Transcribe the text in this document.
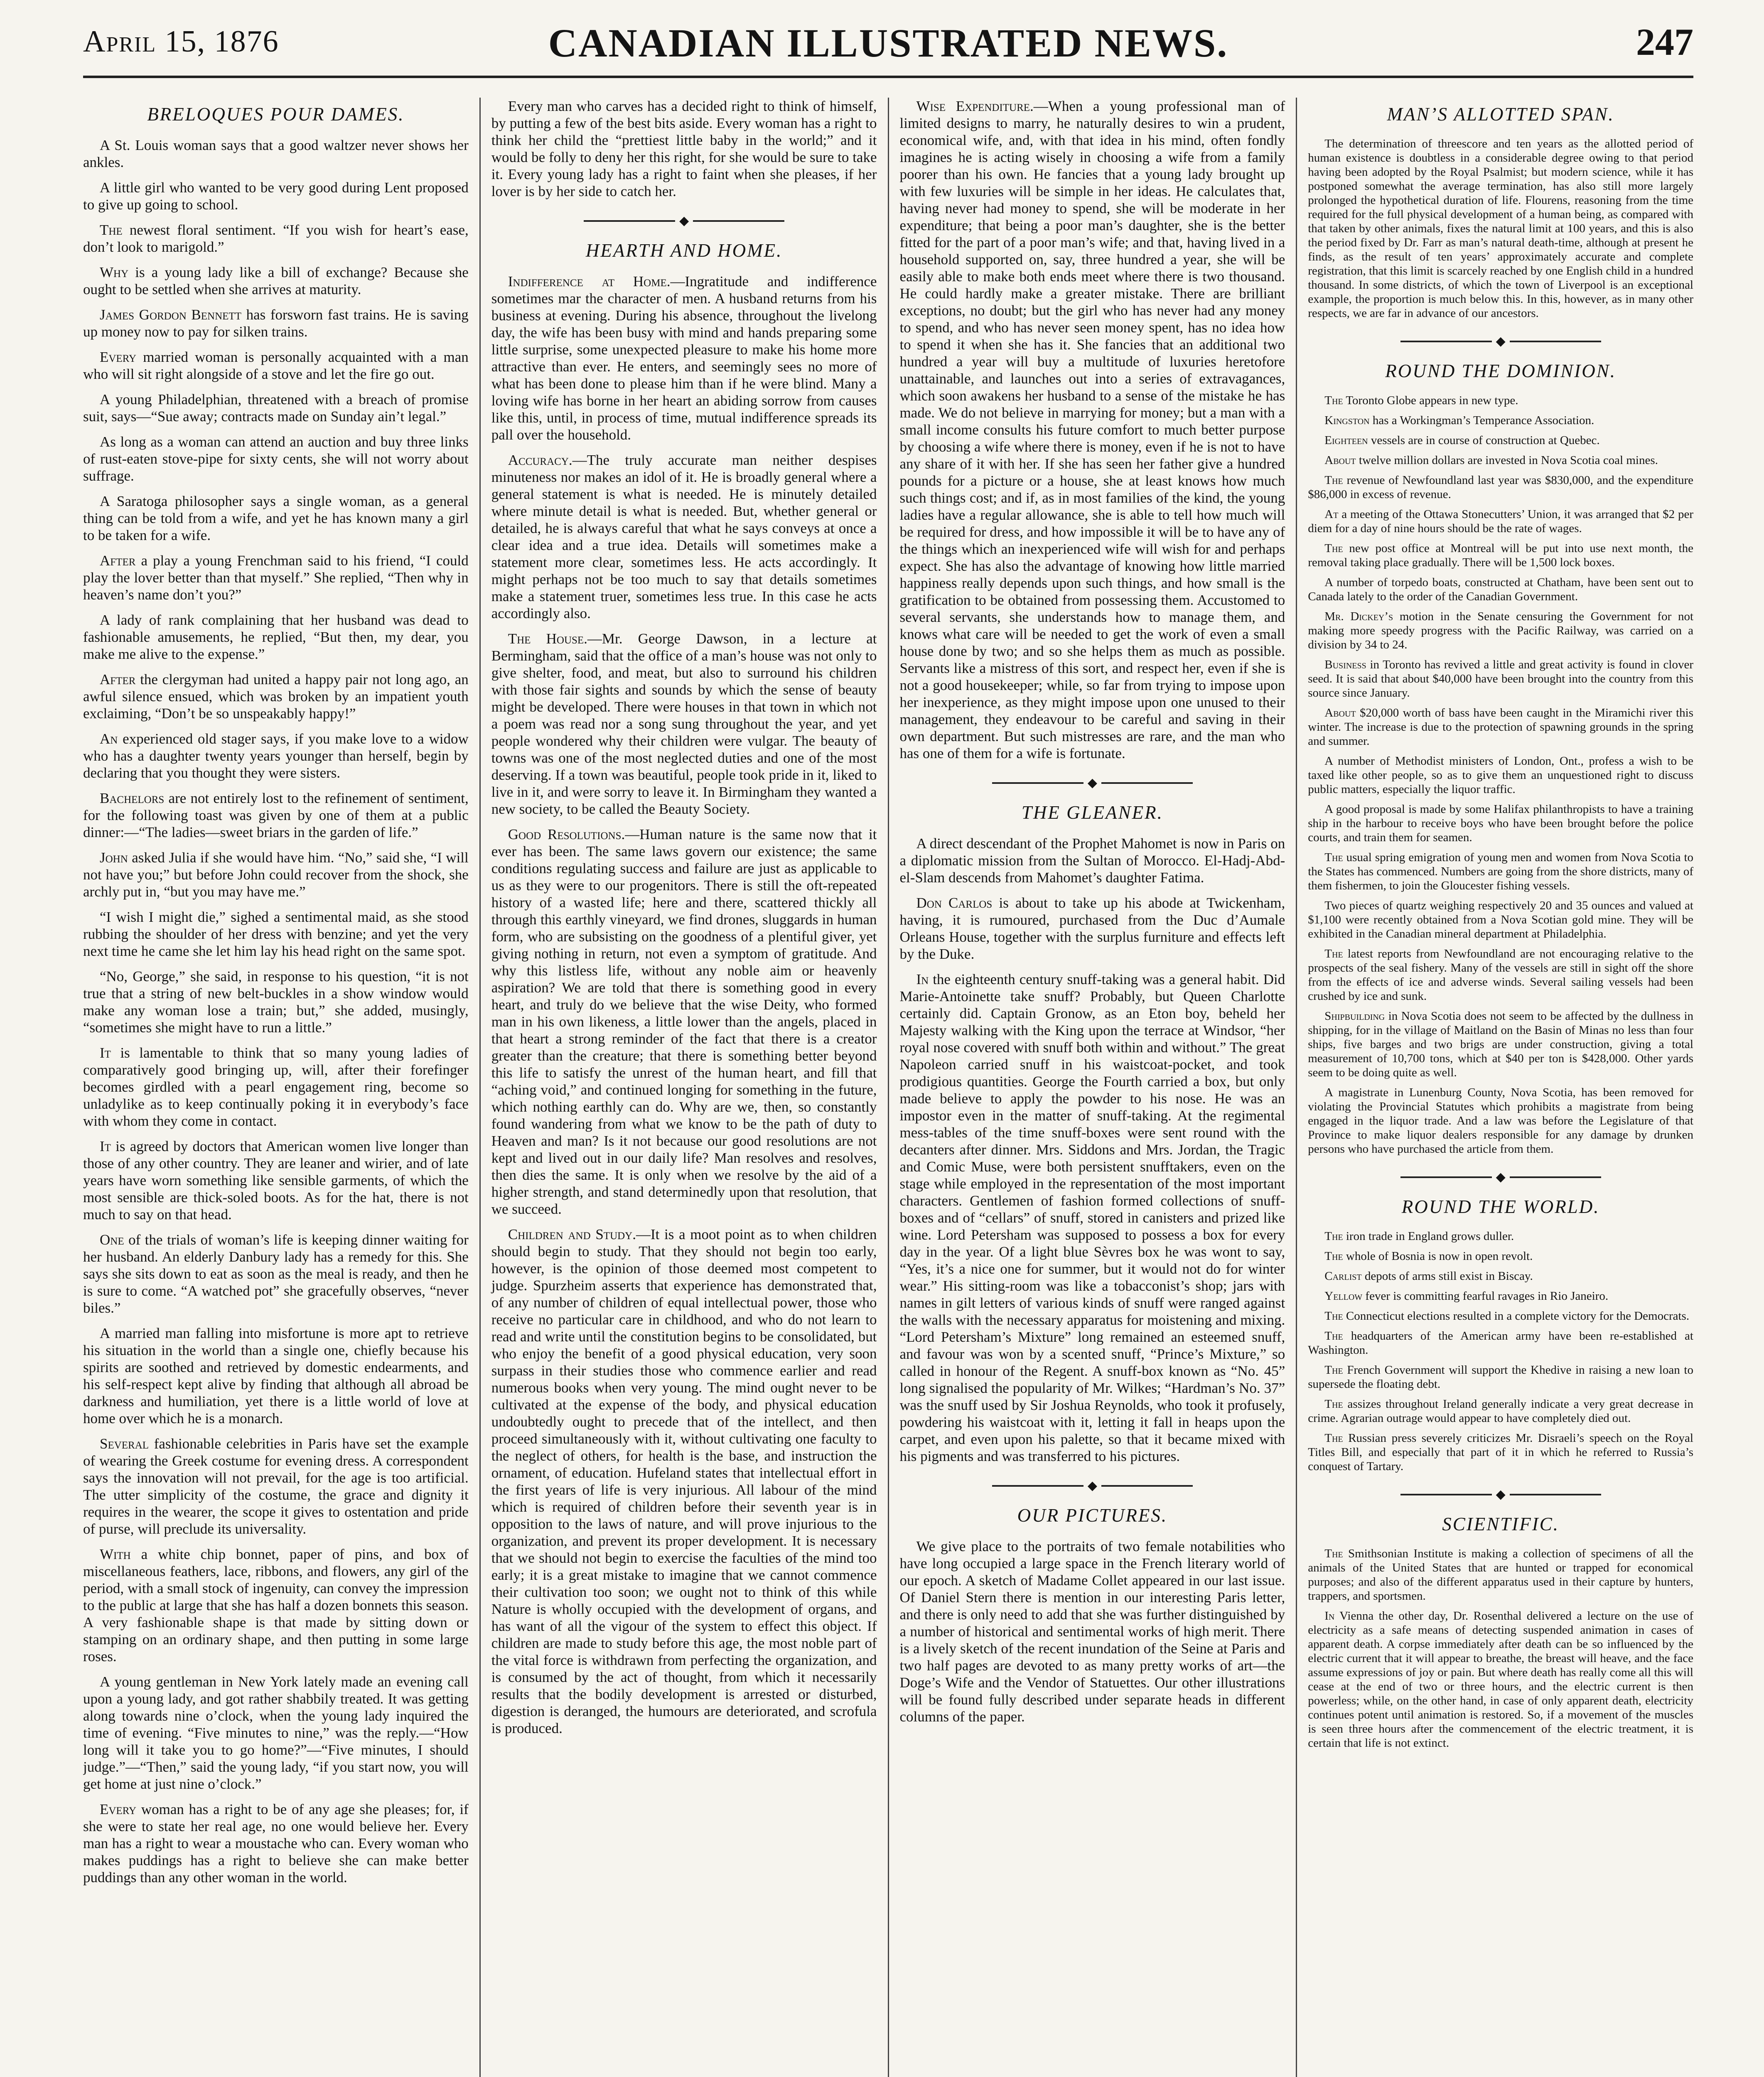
April 15, 1876	CANADIAN ILLUSTRATED NEWS.	247
BRELOQUES POUR DAMES.

A St. Louis woman says that a good waltzer never shows her ankles.

A little girl who wanted to be very good during Lent proposed to give up going to school.

The newest floral sentiment. “If you wish for heart’s ease, don’t look to marigold.”

Why is a young lady like a bill of exchange? Because she ought to be settled when she arrives at maturity.

James Gordon Bennett has forsworn fast trains. He is saving up money now to pay for silken trains.

Every married woman is personally acquainted with a man who will sit right alongside of a stove and let the fire go out.

A young Philadelphian, threatened with a breach of promise suit, says—“Sue away; contracts made on Sunday ain’t legal.”

As long as a woman can attend an auction and buy three links of rust-eaten stove-pipe for sixty cents, she will not worry about suffrage.

A Saratoga philosopher says a single woman, as a general thing can be told from a wife, and yet he has known many a girl to be taken for a wife.

After a play a young Frenchman said to his friend, “I could play the lover better than that myself.” She replied, “Then why in heaven’s name don’t you?”

A lady of rank complaining that her husband was dead to fashionable amusements, he replied, “But then, my dear, you make me alive to the expense.”

After the clergyman had united a happy pair not long ago, an awful silence ensued, which was broken by an impatient youth exclaiming, “Don’t be so unspeakably happy!”

An experienced old stager says, if you make love to a widow who has a daughter twenty years younger than herself, begin by declaring that you thought they were sisters.

Bachelors are not entirely lost to the refinement of sentiment, for the following toast was given by one of them at a public dinner:—“The ladies—sweet briars in the garden of life.”

John asked Julia if she would have him. “No,” said she, “I will not have you;” but before John could recover from the shock, she archly put in, “but you may have me.”

“I wish I might die,” sighed a sentimental maid, as she stood rubbing the shoulder of her dress with benzine; and yet the very next time he came she let him lay his head right on the same spot.

“No, George,” she said, in response to his question, “it is not true that a string of new belt-buckles in a show window would make any woman lose a train; but,” she added, musingly, “sometimes she might have to run a little.”

It is lamentable to think that so many young ladies of comparatively good bringing up, will, after their forefinger becomes girdled with a pearl engagement ring, become so unladylike as to keep continually poking it in everybody’s face with whom they come in contact.

It is agreed by doctors that American women live longer than those of any other country. They are leaner and wirier, and of late years have worn something like sensible garments, of which the most sensible are thick-soled boots. As for the hat, there is not much to say on that head.

One of the trials of woman’s life is keeping dinner waiting for her husband. An elderly Danbury lady has a remedy for this. She says she sits down to eat as soon as the meal is ready, and then he is sure to come. “A watched pot” she gracefully observes, “never biles.”

A married man falling into misfortune is more apt to retrieve his situation in the world than a single one, chiefly because his spirits are soothed and retrieved by domestic endearments, and his self-respect kept alive by finding that although all abroad be darkness and humiliation, yet there is a little world of love at home over which he is a monarch.

Several fashionable celebrities in Paris have set the example of wearing the Greek costume for evening dress. A correspondent says the innovation will not prevail, for the age is too artificial. The utter simplicity of the costume, the grace and dignity it requires in the wearer, the scope it gives to ostentation and pride of purse, will preclude its universality.

With a white chip bonnet, paper of pins, and box of miscellaneous feathers, lace, ribbons, and flowers, any girl of the period, with a small stock of ingenuity, can convey the impression to the public at large that she has half a dozen bonnets this season. A very fashionable shape is that made by sitting down or stamping on an ordinary shape, and then putting in some large roses.

A young gentleman in New York lately made an evening call upon a young lady, and got rather shabbily treated. It was getting along towards nine o’clock, when the young lady inquired the time of evening. “Five minutes to nine,” was the reply.—“How long will it take you to go home?”—“Five minutes, I should judge.”—“Then,” said the young lady, “if you start now, you will get home at just nine o’clock.”

Every woman has a right to be of any age she pleases; for, if she were to state her real age, no one would believe her. Every man has a right to wear a moustache who can. Every woman who makes puddings has a right to believe she can make better puddings than any other woman in the world.

Every man who carves has a decided right to think of himself, by putting a few of the best bits aside. Every woman has a right to think her child the “prettiest little baby in the world;” and it would be folly to deny her this right, for she would be sure to take it. Every young lady has a right to faint when she pleases, if her lover is by her side to catch her.

◆
HEARTH AND HOME.

Indifference at Home.—Ingratitude and indifference sometimes mar the character of men. A husband returns from his business at evening. During his absence, throughout the livelong day, the wife has been busy with mind and hands preparing some little surprise, some unexpected pleasure to make his home more attractive than ever. He enters, and seemingly sees no more of what has been done to please him than if he were blind. Many a loving wife has borne in her heart an abiding sorrow from causes like this, until, in process of time, mutual indifference spreads its pall over the household.

Accuracy.—The truly accurate man neither despises minuteness nor makes an idol of it. He is broadly general where a general statement is what is needed. He is minutely detailed where minute detail is what is needed. But, whether general or detailed, he is always careful that what he says conveys at once a clear idea and a true idea. Details will sometimes make a statement more clear, sometimes less. He acts accordingly. It might perhaps not be too much to say that details sometimes make a statement truer, sometimes less true. In this case he acts accordingly also.

The House.—Mr. George Dawson, in a lecture at Bermingham, said that the office of a man’s house was not only to give shelter, food, and meat, but also to surround his children with those fair sights and sounds by which the sense of beauty might be developed. There were houses in that town in which not a poem was read nor a song sung throughout the year, and yet people wondered why their children were vulgar. The beauty of towns was one of the most neglected duties and one of the most deserving. If a town was beautiful, people took pride in it, liked to live in it, and were sorry to leave it. In Birmingham they wanted a new society, to be called the Beauty Society.

Good Resolutions.—Human nature is the same now that it ever has been. The same laws govern our existence; the same conditions regulating success and failure are just as applicable to us as they were to our progenitors. There is still the oft-repeated history of a wasted life; here and there, scattered thickly all through this earthly vineyard, we find drones, sluggards in human form, who are subsisting on the goodness of a plentiful giver, yet giving nothing in return, not even a symptom of gratitude. And why this listless life, without any noble aim or heavenly aspiration? We are told that there is something good in every heart, and truly do we believe that the wise Deity, who formed man in his own likeness, a little lower than the angels, placed in that heart a strong reminder of the fact that there is a creator greater than the creature; that there is something better beyond this life to satisfy the unrest of the human heart, and fill that “aching void,” and continued longing for something in the future, which nothing earthly can do. Why are we, then, so constantly found wandering from what we know to be the path of duty to Heaven and man? Is it not because our good resolutions are not kept and lived out in our daily life? Man resolves and resolves, then dies the same. It is only when we resolve by the aid of a higher strength, and stand determinedly upon that resolution, that we succeed.

Children and Study.—It is a moot point as to when children should begin to study. That they should not begin too early, however, is the opinion of those deemed most competent to judge. Spurzheim asserts that experience has demonstrated that, of any number of children of equal intellectual power, those who receive no particular care in childhood, and who do not learn to read and write until the constitution begins to be consolidated, but who enjoy the benefit of a good physical education, very soon surpass in their studies those who commence earlier and read numerous books when very young. The mind ought never to be cultivated at the expense of the body, and physical education undoubtedly ought to precede that of the intellect, and then proceed simultaneously with it, without cultivating one faculty to the neglect of others, for health is the base, and instruction the ornament, of education. Hufeland states that intellectual effort in the first years of life is very injurious. All labour of the mind which is required of children before their seventh year is in opposition to the laws of nature, and will prove injurious to the organization, and prevent its proper development. It is necessary that we should not begin to exercise the faculties of the mind too early; it is a great mistake to imagine that we cannot commence their cultivation too soon; we ought not to think of this while Nature is wholly occupied with the development of organs, and has want of all the vigour of the system to effect this object. If children are made to study before this age, the most noble part of the vital force is withdrawn from perfecting the organization, and is consumed by the act of thought, from which it necessarily results that the bodily development is arrested or disturbed, digestion is deranged, the humours are deteriorated, and scrofula is produced.

Wise Expenditure.—When a young professional man of limited designs to marry, he naturally desires to win a prudent, economical wife, and, with that idea in his mind, often fondly imagines he is acting wisely in choosing a wife from a family poorer than his own. He fancies that a young lady brought up with few luxuries will be simple in her ideas. He calculates that, having never had money to spend, she will be moderate in her expenditure; that being a poor man’s daughter, she is the better fitted for the part of a poor man’s wife; and that, having lived in a household supported on, say, three hundred a year, she will be easily able to make both ends meet where there is two thousand. He could hardly make a greater mistake. There are brilliant exceptions, no doubt; but the girl who has never had any money to spend, and who has never seen money spent, has no idea how to spend it when she has it. She fancies that an additional two hundred a year will buy a multitude of luxuries heretofore unattainable, and launches out into a series of extravagances, which soon awakens her husband to a sense of the mistake he has made. We do not believe in marrying for money; but a man with a small income consults his future comfort to much better purpose by choosing a wife where there is money, even if he is not to have any share of it with her. If she has seen her father give a hundred pounds for a picture or a house, she at least knows how much such things cost; and if, as in most families of the kind, the young ladies have a regular allowance, she is able to tell how much will be required for dress, and how impossible it will be to have any of the things which an inexperienced wife will wish for and perhaps expect. She has also the advantage of knowing how little married happiness really depends upon such things, and how small is the gratification to be obtained from possessing them. Accustomed to several servants, she understands how to manage them, and knows what care will be needed to get the work of even a small house done by two; and so she helps them as much as possible. Servants like a mistress of this sort, and respect her, even if she is not a good housekeeper; while, so far from trying to impose upon her inexperience, as they might impose upon one unused to their management, they endeavour to be careful and saving in their own department. But such mistresses are rare, and the man who has one of them for a wife is fortunate.

◆
THE GLEANER.

A direct descendant of the Prophet Mahomet is now in Paris on a diplomatic mission from the Sultan of Morocco. El-Hadj-Abd-el-Slam descends from Mahomet’s daughter Fatima.

Don Carlos is about to take up his abode at Twickenham, having, it is rumoured, purchased from the Duc d’Aumale Orleans House, together with the surplus furniture and effects left by the Duke.

In the eighteenth century snuff-taking was a general habit. Did Marie-Antoinette take snuff? Probably, but Queen Charlotte certainly did. Captain Gronow, as an Eton boy, beheld her Majesty walking with the King upon the terrace at Windsor, “her royal nose covered with snuff both within and without.” The great Napoleon carried snuff in his waistcoat-pocket, and took prodigious quantities. George the Fourth carried a box, but only made believe to apply the powder to his nose. He was an impostor even in the matter of snuff-taking. At the regimental mess-tables of the time snuff-boxes were sent round with the decanters after dinner. Mrs. Siddons and Mrs. Jordan, the Tragic and Comic Muse, were both persistent snufftakers, even on the stage while employed in the representation of the most important characters. Gentlemen of fashion formed collections of snuff-boxes and of “cellars” of snuff, stored in canisters and prized like wine. Lord Petersham was supposed to possess a box for every day in the year. Of a light blue Sèvres box he was wont to say, “Yes, it’s a nice one for summer, but it would not do for winter wear.” His sitting-room was like a tobacconist’s shop; jars with names in gilt letters of various kinds of snuff were ranged against the walls with the necessary apparatus for moistening and mixing. “Lord Petersham’s Mixture” long remained an esteemed snuff, and favour was won by a scented snuff, “Prince’s Mixture,” so called in honour of the Regent. A snuff-box known as “No. 45” long signalised the popularity of Mr. Wilkes; “Hardman’s No. 37” was the snuff used by Sir Joshua Reynolds, who took it profusely, powdering his waistcoat with it, letting it fall in heaps upon the carpet, and even upon his palette, so that it became mixed with his pigments and was transferred to his pictures.

◆
OUR PICTURES.

We give place to the portraits of two female notabilities who have long occupied a large space in the French literary world of our epoch. A sketch of Madame Collet appeared in our last issue. Of Daniel Stern there is mention in our interesting Paris letter, and there is only need to add that she was further distinguished by a number of historical and sentimental works of high merit. There is a lively sketch of the recent inundation of the Seine at Paris and two half pages are devoted to as many pretty works of art—the Doge’s Wife and the Vendor of Statuettes. Our other illustrations will be found fully described under separate heads in different columns of the paper.

MAN’S ALLOTTED SPAN.

The determination of threescore and ten years as the allotted period of human existence is doubtless in a considerable degree owing to that period having been adopted by the Royal Psalmist; but modern science, while it has postponed somewhat the average termination, has also still more largely prolonged the hypothetical duration of life. Flourens, reasoning from the time required for the full physical development of a human being, as compared with that taken by other animals, fixes the natural limit at 100 years, and this is also the period fixed by Dr. Farr as man’s natural death-time, although at present he finds, as the result of ten years’ approximately accurate and complete registration, that this limit is scarcely reached by one English child in a hundred thousand. In some districts, of which the town of Liverpool is an exceptional example, the proportion is much below this. In this, however, as in many other respects, we are far in advance of our ancestors.

◆
ROUND THE DOMINION.

The Toronto Globe appears in new type.

Kingston has a Workingman’s Temperance Association.

Eighteen vessels are in course of construction at Quebec.

About twelve million dollars are invested in Nova Scotia coal mines.

The revenue of Newfoundland last year was $830,000, and the expenditure $86,000 in excess of revenue.

At a meeting of the Ottawa Stonecutters’ Union, it was arranged that $2 per diem for a day of nine hours should be the rate of wages.

The new post office at Montreal will be put into use next month, the removal taking place gradually. There will be 1,500 lock boxes.

A number of torpedo boats, constructed at Chatham, have been sent out to Canada lately to the order of the Canadian Government.

Mr. Dickey’s motion in the Senate censuring the Government for not making more speedy progress with the Pacific Railway, was carried on a division by 34 to 24.

Business in Toronto has revived a little and great activity is found in clover seed. It is said that about $40,000 have been brought into the country from this source since January.

About $20,000 worth of bass have been caught in the Miramichi river this winter. The increase is due to the protection of spawning grounds in the spring and summer.

A number of Methodist ministers of London, Ont., profess a wish to be taxed like other people, so as to give them an unquestioned right to discuss public matters, especially the liquor traffic.

A good proposal is made by some Halifax philanthropists to have a training ship in the harbour to receive boys who have been brought before the police courts, and train them for seamen.

The usual spring emigration of young men and women from Nova Scotia to the States has commenced. Numbers are going from the shore districts, many of them fishermen, to join the Gloucester fishing vessels.

Two pieces of quartz weighing respectively 20 and 35 ounces and valued at $1,100 were recently obtained from a Nova Scotian gold mine. They will be exhibited in the Canadian mineral department at Philadelphia.

The latest reports from Newfoundland are not encouraging relative to the prospects of the seal fishery. Many of the vessels are still in sight off the shore from the effects of ice and adverse winds. Several sailing vessels had been crushed by ice and sunk.

Shipbuilding in Nova Scotia does not seem to be affected by the dullness in shipping, for in the village of Maitland on the Basin of Minas no less than four ships, five barges and two brigs are under construction, giving a total measurement of 10,700 tons, which at $40 per ton is $428,000. Other yards seem to be doing quite as well.

A magistrate in Lunenburg County, Nova Scotia, has been removed for violating the Provincial Statutes which prohibits a magistrate from being engaged in the liquor trade. And a law was before the Legislature of that Province to make liquor dealers responsible for any damage by drunken persons who have purchased the article from them.

◆
ROUND THE WORLD.

The iron trade in England grows duller.

The whole of Bosnia is now in open revolt.

Carlist depots of arms still exist in Biscay.

Yellow fever is committing fearful ravages in Rio Janeiro.

The Connecticut elections resulted in a complete victory for the Democrats.

The headquarters of the American army have been re-established at Washington.

The French Government will support the Khedive in raising a new loan to supersede the floating debt.

The assizes throughout Ireland generally indicate a very great decrease in crime. Agrarian outrage would appear to have completely died out.

The Russian press severely criticizes Mr. Disraeli’s speech on the Royal Titles Bill, and especially that part of it in which he referred to Russia’s conquest of Tartary.

◆
SCIENTIFIC.

The Smithsonian Institute is making a collection of specimens of all the animals of the United States that are hunted or trapped for economical purposes; and also of the different apparatus used in their capture by hunters, trappers, and sportsmen.

In Vienna the other day, Dr. Rosenthal delivered a lecture on the use of electricity as a safe means of detecting suspended animation in cases of apparent death. A corpse immediately after death can be so influenced by the electric current that it will appear to breathe, the breast will heave, and the face assume expressions of joy or pain. But where death has really come all this will cease at the end of two or three hours, and the electric current is then powerless; while, on the other hand, in case of only apparent death, electricity continues potent until animation is restored. So, if a movement of the muscles is seen three hours after the commencement of the electric treatment, it is certain that life is not extinct.
